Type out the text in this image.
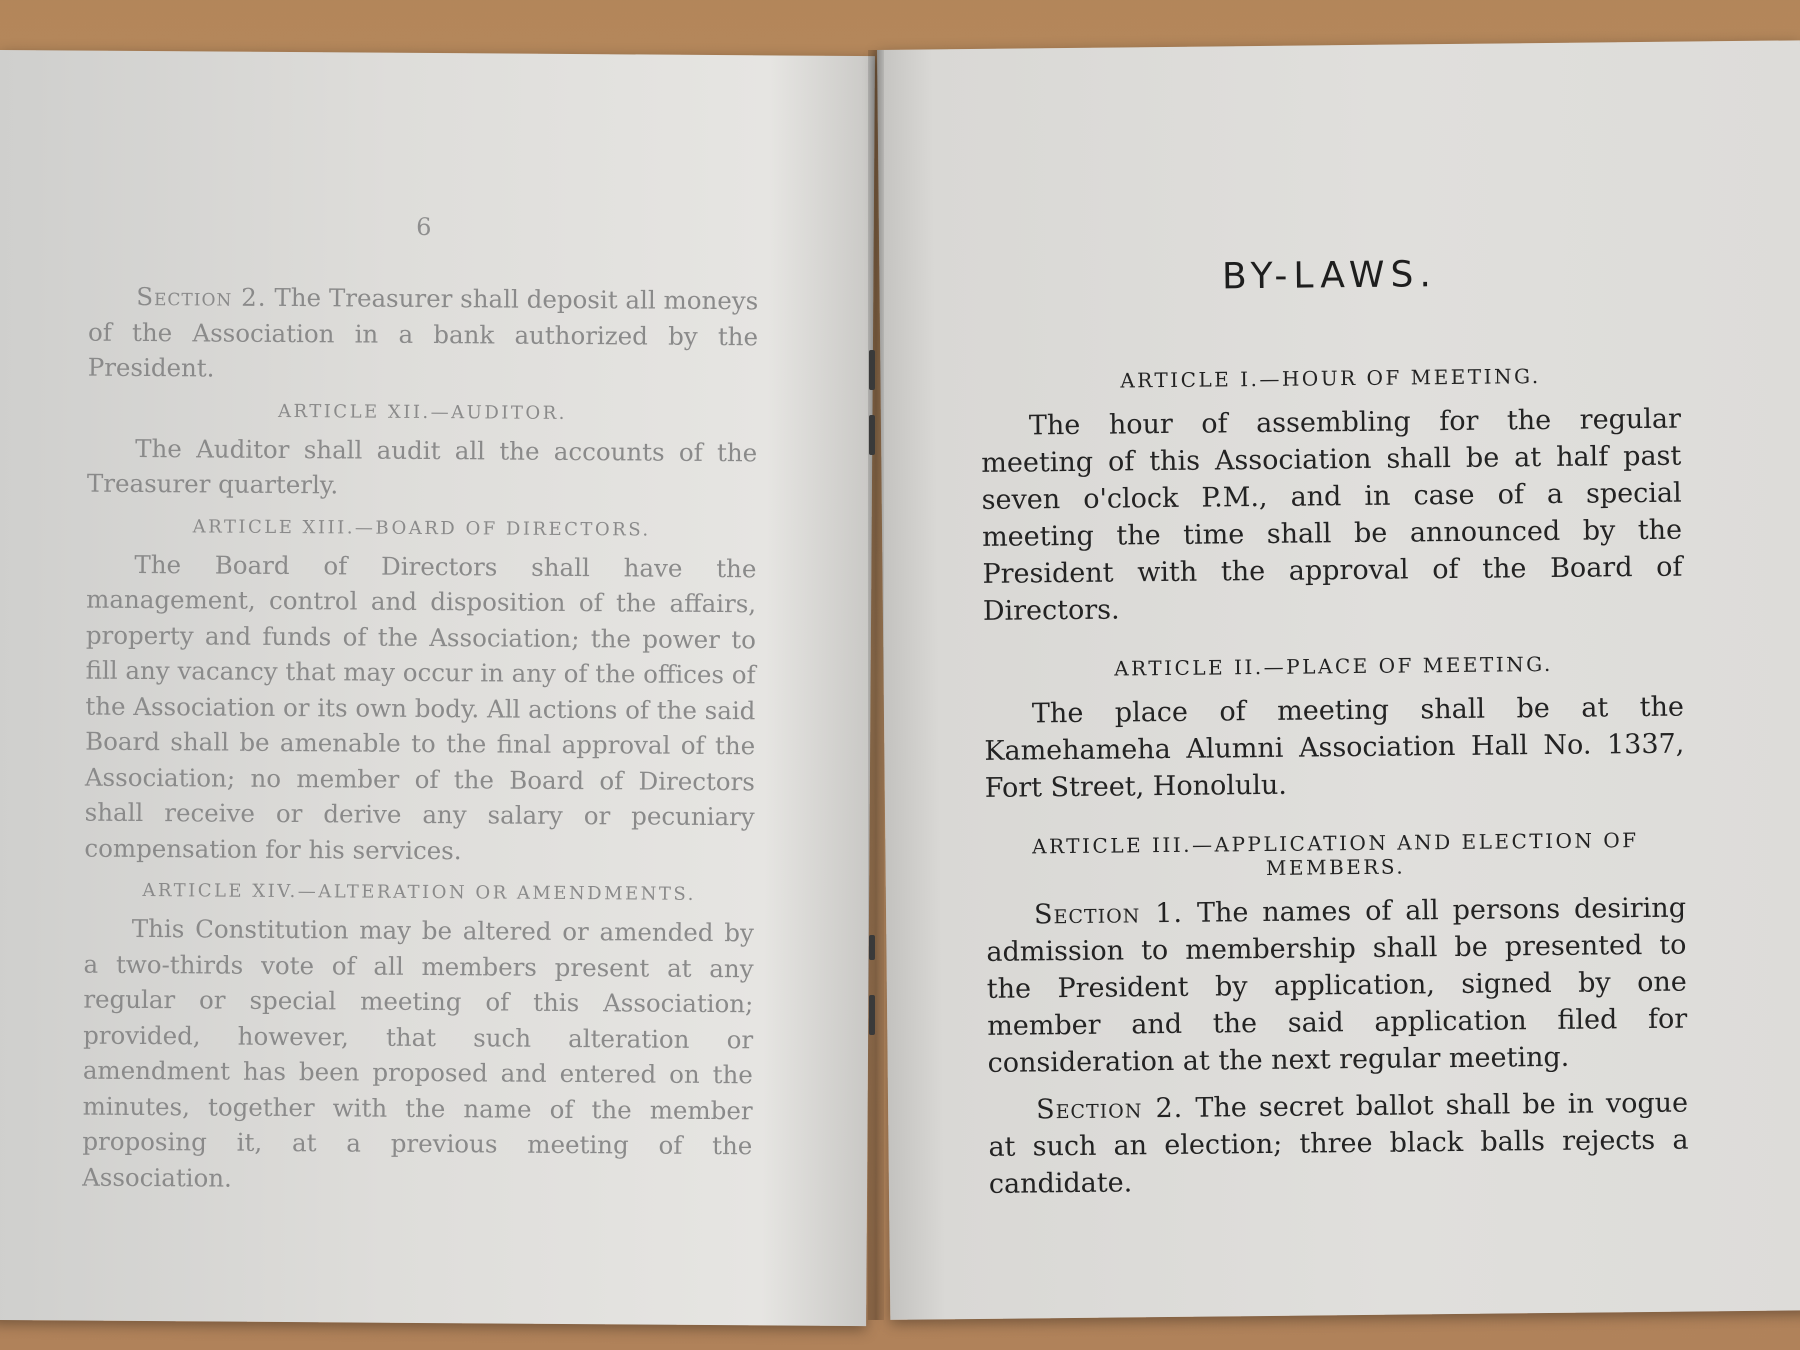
6

Section 2. The Treasurer shall deposit all moneys of the Association in a bank authorized by the President.

ARTICLE XII.—AUDITOR.

The Auditor shall audit all the accounts of the Treasurer quarterly.

ARTICLE XIII.—BOARD OF DIRECTORS.

The Board of Directors shall have the management, control and disposition of the affairs, property and funds of the Association; the power to fill any vacancy that may occur in any of the offices of the Association or its own body. All actions of the said Board shall be amenable to the final approval of the Association; no member of the Board of Directors shall receive or derive any salary or pecuniary compensation for his services.

ARTICLE XIV.—ALTERATION OR AMENDMENTS.

This Constitution may be altered or amended by a two-thirds vote of all members present at any regular or special meeting of this Association; provided, however, that such alteration or amendment has been proposed and entered on the minutes, together with the name of the member proposing it, at a previous meeting of the Association.

BY-LAWS.
ARTICLE I.—HOUR OF MEETING.

The hour of assembling for the regular meeting of this Association shall be at half past seven o'clock P.M., and in case of a special meeting the time shall be announced by the President with the approval of the Board of Directors.

ARTICLE II.—PLACE OF MEETING.

The place of meeting shall be at the Kamehameha Alumni Association Hall No. 1337, Fort Street, Honolulu.

ARTICLE III.—APPLICATION AND ELECTION OF MEMBERS.

Section 1. The names of all persons desiring admission to membership shall be presented to the President by application, signed by one member and the said application filed for consideration at the next regular meeting.

Section 2. The secret ballot shall be in vogue at such an election; three black balls rejects a candidate.
